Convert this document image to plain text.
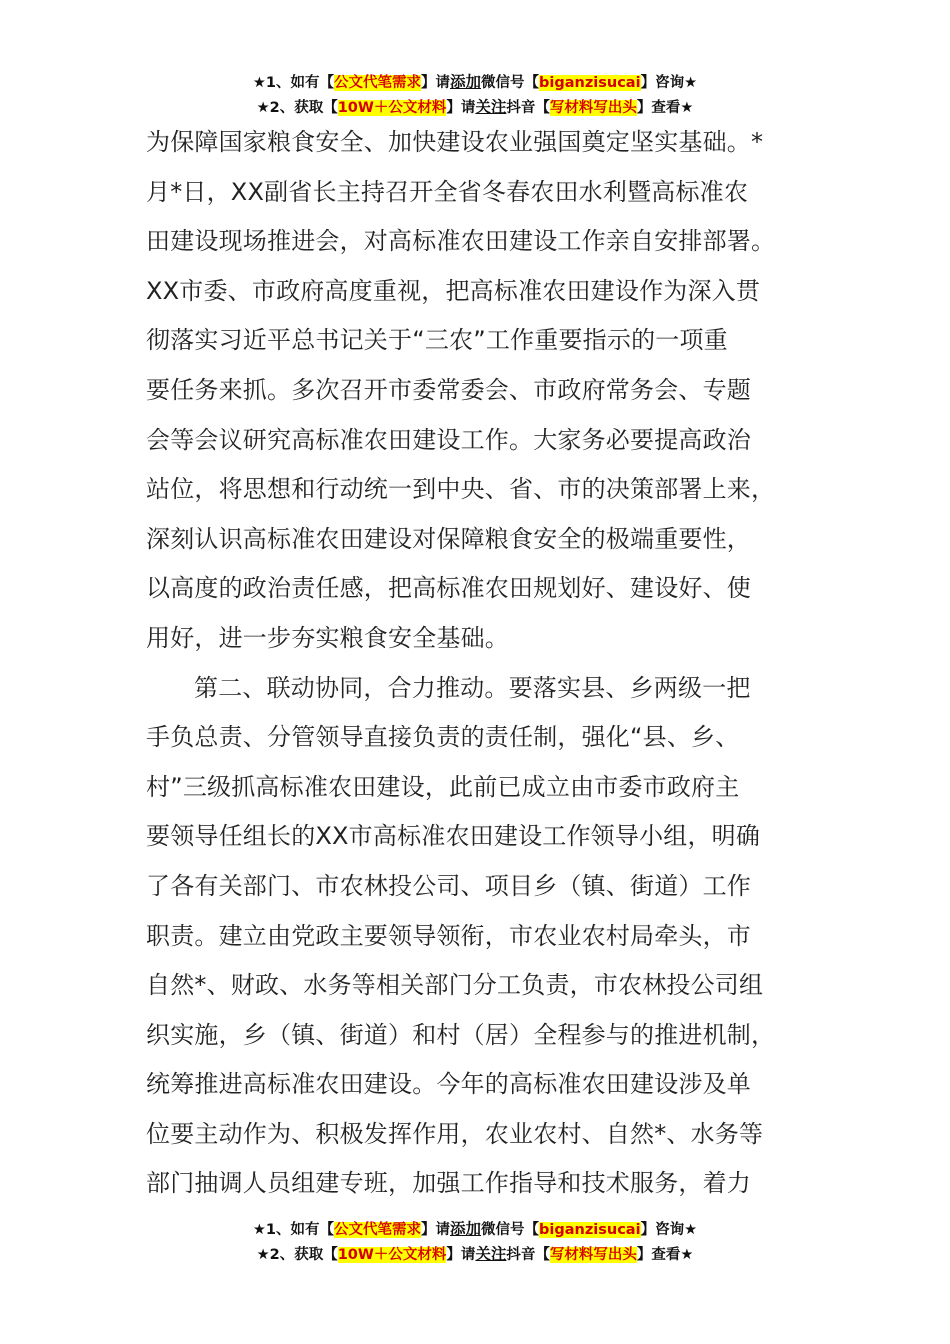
★1、如有【公文代笔需求】请添加微信号【biganzisucai】咨询★
★2、获取【10W＋公文材料】请关注抖音【写材料写出头】查看★
为保障国家粮食安全、加快建设农业强国奠定坚实基础。*
月*日，XX副省长主持召开全省冬春农田水利暨高标准农
田建设现场推进会，对高标准农田建设工作亲自安排部署。
XX市委、市政府高度重视，把高标准农田建设作为深入贯
彻落实习近平总书记关于“三农”工作重要指示的一项重
要任务来抓。多次召开市委常委会、市政府常务会、专题
会等会议研究高标准农田建设工作。大家务必要提高政治
站位，将思想和行动统一到中央、省、市的决策部署上来，
深刻认识高标准农田建设对保障粮食安全的极端重要性，
以高度的政治责任感，把高标准农田规划好、建设好、使
用好，进一步夯实粮食安全基础。
第二、联动协同，合力推动。要落实县、乡两级一把
手负总责、分管领导直接负责的责任制，强化“县、乡、
村”三级抓高标准农田建设，此前已成立由市委市政府主
要领导任组长的XX市高标准农田建设工作领导小组，明确
了各有关部门、市农林投公司、项目乡（镇、街道）工作
职责。建立由党政主要领导领衔，市农业农村局牵头，市
自然*、财政、水务等相关部门分工负责，市农林投公司组
织实施，乡（镇、街道）和村（居）全程参与的推进机制，
统筹推进高标准农田建设。今年的高标准农田建设涉及单
位要主动作为、积极发挥作用，农业农村、自然*、水务等
部门抽调人员组建专班，加强工作指导和技术服务，着力
★1、如有【公文代笔需求】请添加微信号【biganzisucai】咨询★
★2、获取【10W＋公文材料】请关注抖音【写材料写出头】查看★
